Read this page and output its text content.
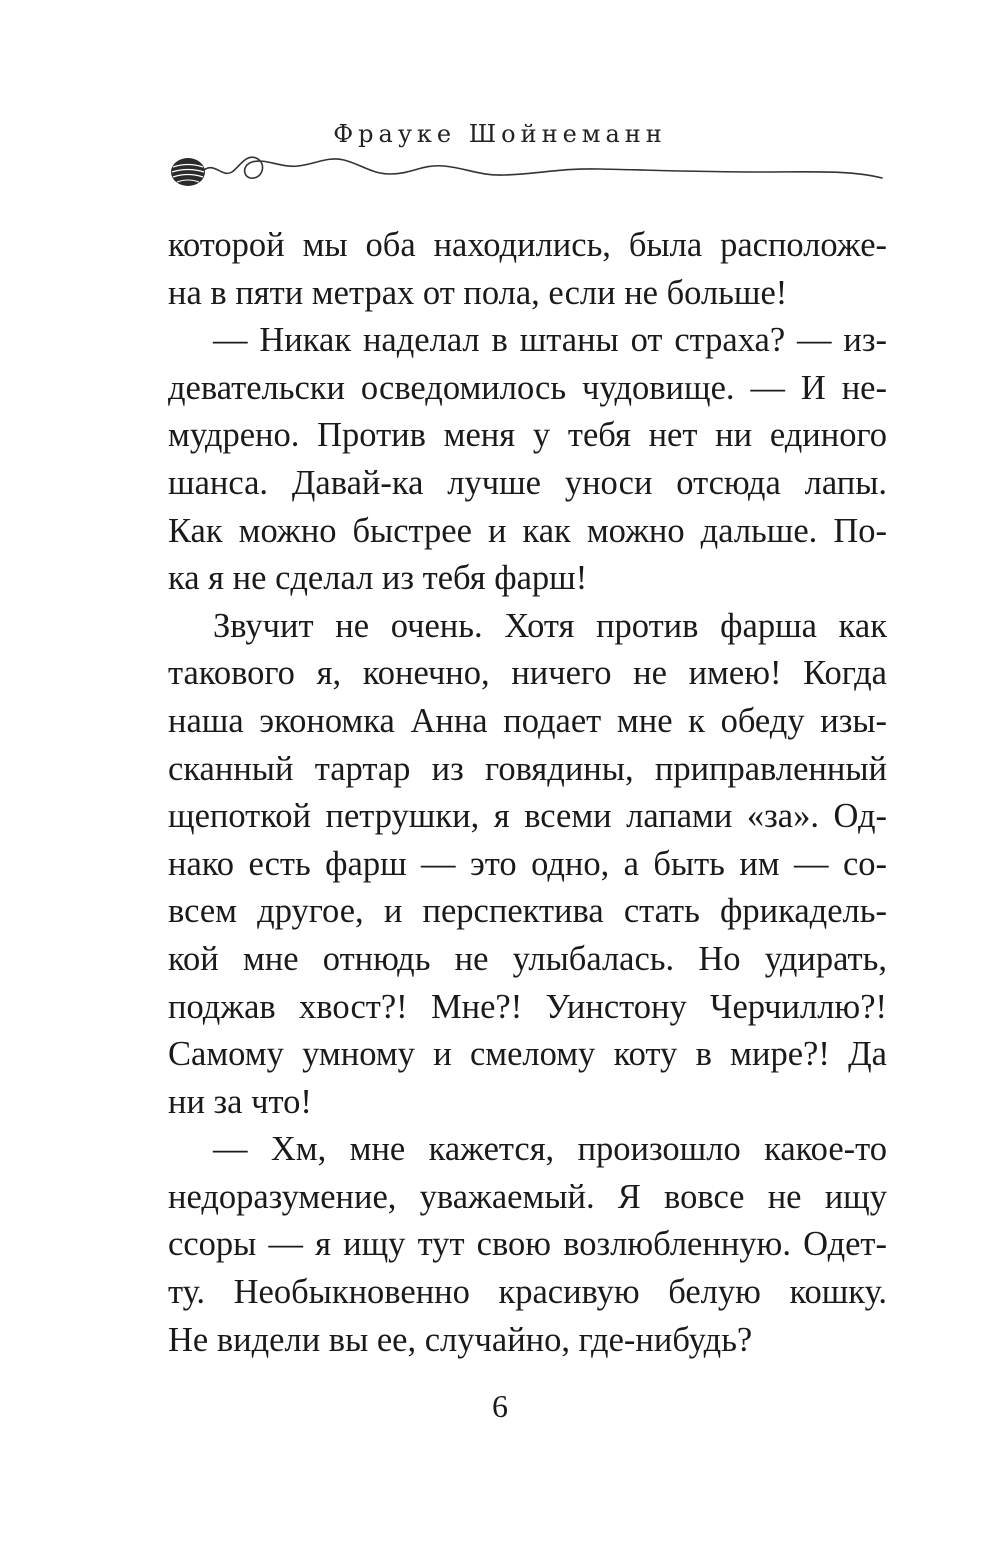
Фрауке Шойнеманн
которой мы оба находились, была расположе-
на в пяти метрах от пола, если не больше!
— Никак наделал в штаны от страха? — из-
девательски осведомилось чудовище. — И не-
мудрено. Против меня у тебя нет ни единого
шанса. Давай-ка лучше уноси отсюда лапы.
Как можно быстрее и как можно дальше. По-
ка я не сделал из тебя фарш!
Звучит не очень. Хотя против фарша как
такового я, конечно, ничего не имею! Когда
наша экономка Анна подает мне к обеду изы-
сканный тартар из говядины, приправленный
щепоткой петрушки, я всеми лапами «за». Од-
нако есть фарш — это одно, а быть им — со-
всем другое, и перспектива стать фрикадель-
кой мне отнюдь не улыбалась. Но удирать,
поджав хвост?! Мне?! Уинстону Черчиллю?!
Самому умному и смелому коту в мире?! Да
ни за что!
— Хм, мне кажется, произошло какое-то
недоразумение, уважаемый. Я вовсе не ищу
ссоры — я ищу тут свою возлюбленную. Одет-
ту. Необыкновенно красивую белую кошку.
Не видели вы ее, случайно, где-нибудь?
6
